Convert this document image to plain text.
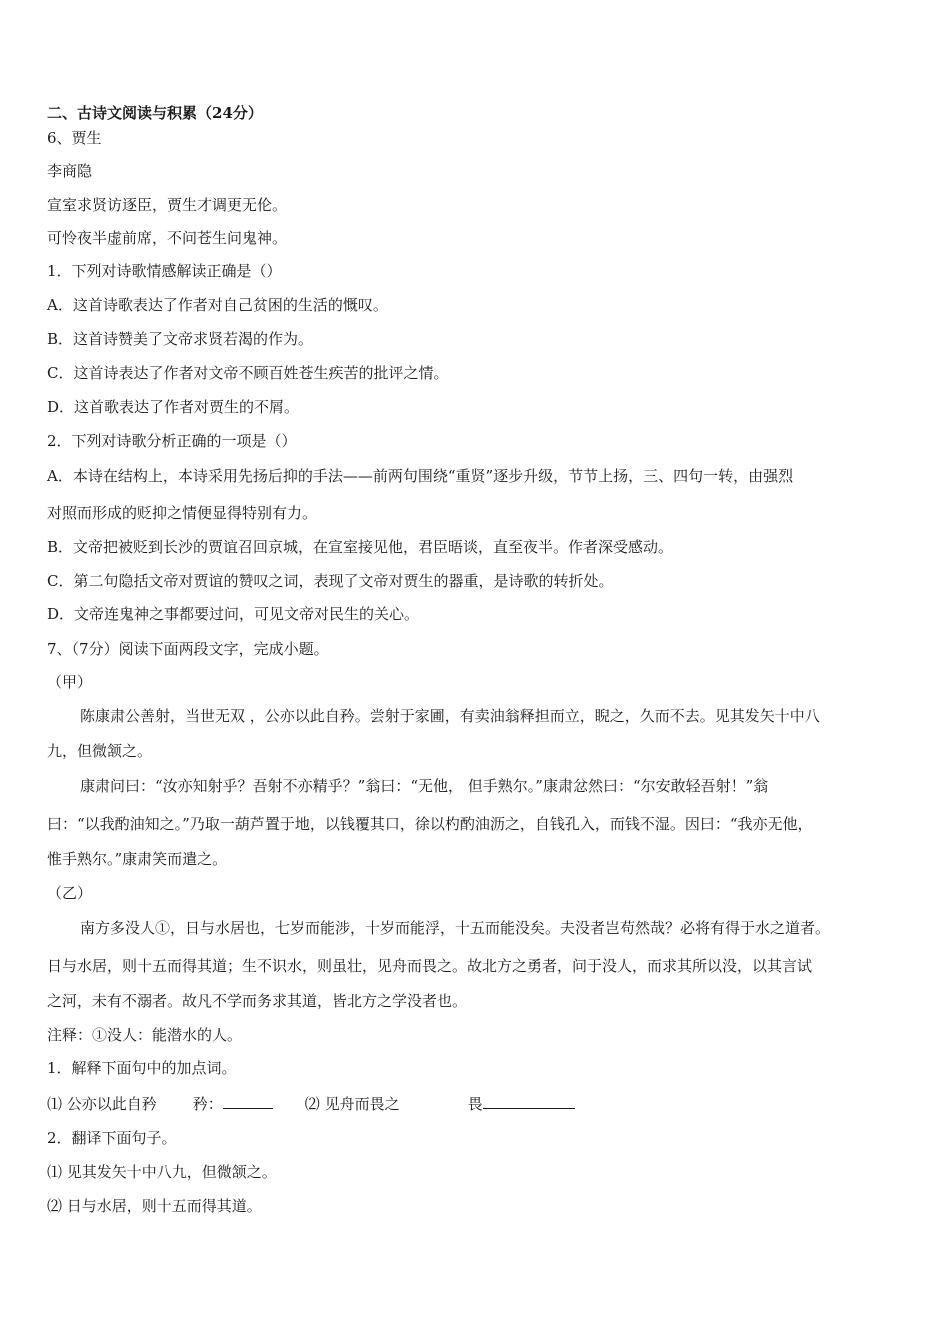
二、古诗文阅读与积累（24分）
6、贾生
李商隐
宣室求贤访逐臣，贾生才调更无伦。
可怜夜半虚前席，不问苍生问鬼神。
1．下列对诗歌情感解读正确是（）
A．这首诗歌表达了作者对自己贫困的生活的慨叹。
B．这首诗赞美了文帝求贤若渴的作为。
C．这首诗表达了作者对文帝不顾百姓苍生疾苦的批评之情。
D．这首歌表达了作者对贾生的不屑。
2．下列对诗歌分析正确的一项是（）
A．本诗在结构上，本诗采用先扬后抑的手法——前两句围绕“重贤”逐步升级，节节上扬，三、四句一转，由强烈
对照而形成的贬抑之情便显得特别有力。
B．文帝把被贬到长沙的贾谊召回京城，在宣室接见他，君臣晤谈，直至夜半。作者深受感动。
C．第二句隐括文帝对贾谊的赞叹之词，表现了文帝对贾生的器重，是诗歌的转折处。
D．文帝连鬼神之事都要过问，可见文帝对民生的关心。
7、（7分）阅读下面两段文字，完成小题。
（甲）
陈康肃公善射，当世无双 ，公亦以此自矜。尝射于家圃，有卖油翁释担而立，睨之，久而不去。见其发矢十中八
九，但微颔之。
康肃问曰：“汝亦知射乎？吾射不亦精乎？”翁曰：“无他， 但手熟尔。”康肃忿然曰：“尔安敢轻吾射！”翁
曰：“以我酌油知之。”乃取一葫芦置于地，以钱覆其口，徐以杓酌油沥之，自钱孔入，而钱不湿。因曰：“我亦无他，
惟手熟尔。”康肃笑而遣之。
（乙）
南方多没人①，日与水居也，七岁而能涉，十岁而能浮，十五而能没矣。夫没者岂苟然哉？必将有得于水之道者。
日与水居，则十五而得其道；生不识水，则虽壮，见舟而畏之。故北方之勇者，问于没人，而求其所以没，以其言试
之河，未有不溺者。故凡不学而务求其道，皆北方之学没者也。
注释：①没人：能潜水的人。
1．解释下面句中的加点词。
⑴ 公亦以此自矜 矜：	⑵ 见舟而畏之	畏
2．翻译下面句子。
⑴ 见其发矢十中八九，但微颔之。
⑵ 日与水居，则十五而得其道。
